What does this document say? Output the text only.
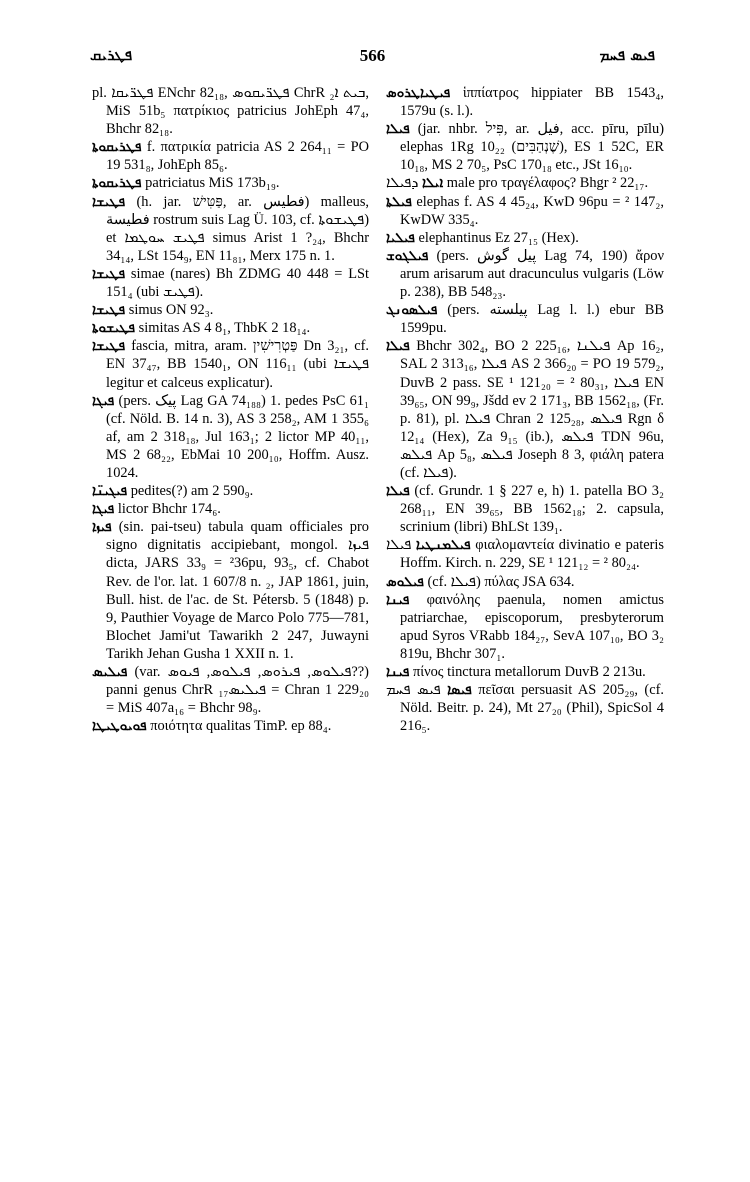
ܦܛܪܝܩ	566	ܦܝܣ ܦܚܡ

pl. ܦܛܪ̈ܝܩܐ ENchr 82₁₈, ܦܛܪ̈ܝܩܘܣ ChrR ܒܝܬ ܐ₂, MiS 51b₅ πατρίκιος patricius JohEph 47₄, Bhchr 82₁₈.

ܦܛܪܝܩܘܬܐ f. πατρικία patricia AS 2 264₁₁ = PO 19 531₈, JohEph 85₆.

ܦܛܪܝܩܘܬܐ patriciatus MiS 173b₁₉.

ܦܛܝܫܐ (h. jar. פַּטִּישׁ, ar. فطيس) malleus, فطيسة rostrum suis Lag Ü. 103, cf. ܦܛܝܫܘܬܐ) et ܦܛܝܫ ܚܘܛܡܐ simus Arist 1 ?₂₄, Bhchr 34₁₄, LSt 154₉, EN 11₈₁, Merx 175 n. 1.

ܦܛܝܫܐ simae (nares) Bh ZDMG 40 448 = LSt 151₄ (ubi ܦܛܝܫ).

ܦܛܝܫܐ simus ON 92₃.

ܦܛܝܫܘܬܐ simitas AS 4 8₁, ThbK 2 18₁₄.

ܦܛܝܫܐ fascia, mitra, aram. פַּטְרִישִׁין Dn 3₂₁, cf. EN 37₄₇, BB 1540₁, ON 116₁₁ (ubi ܦܛܝܫܐ legitur et calceus explicatur).

ܦܝܓܐ (pers. پیک Lag GA 74₁₈₈) 1. pedes PsC 61₁ (cf. Nöld. B. 14 n. 3), AS 3 258₂, AM 1 355₆ af, am 2 318₁₈, Jul 163₁; 2 lictor MP 40₁₁, MS 2 68₂₂, EbMai 10 200₁₀, Hoffm. Ausz. 1024.

ܦܝܓܝܢ̈ܐ pedites(?) am 2 590₉.

ܦܝܓܐ lictor Bhchr 174₆.

ܦܝܙܐ (sin. pai-tseu) tabula quam officiales pro signo dignitatis accipiebant, mongol. ܦܝܙܐ dicta, JARS 33₉ = ²36pu, 93₅, cf. Chabot Rev. de l'or. lat. 1 607/8 n. ₂, JAP 1861, juin, Bull. hist. de l'ac. de St. Pétersb. 5 (1848) p. 9, Pauthier Voyage de Marco Polo 775—781, Blochet Jami'ut Tawarikh 2 247, Juwayni Tarikh Jehan Gusha 1 XXII n. 1.

ܦܝܠܝܣ (var. ܦܝܠܘܣ, ܦܝܪܘܣ, ܦܝܠܘܣ, ܦܝܘܣ??) panni genus ChrR ܦܝܠܝܣ₁₇ = Chran 1 229₂₀ = MiS 407a₁₆ = Bhchr 98₉.

ܦܘܝܘܛܝܛܐ ποιότητα qualitas TimP. ep 88₄.

ܦܝܛܝܐܛܪܘܣ ἱππίατρος hippiater BB 1543₄, 1579u (s. l.).

ܦܝܠܐ (jar. nhbr. פִּיל, ar. فيل, acc. pīru, pīlu) elephas 1Rg 10₂₂ (שֶׁנְהַבִּים), ES 1 52C, ER 10₁₈, MS 2 70₅, PsC 170₁₈ etc., JSt 16₁₀.

ܐܝܠܐ ܕܦܝܠܐ male pro τραγέλαφος? Bhgr ² 22₁₇.

ܦܝܠܬܐ elephas f. AS 4 45₂₄, KwD 96pu = ² 147₂, KwDW 335₄.

ܦܝܠܝܐ elephantinus Ez 27₁₅ (Hex).

ܦܝܠܓܘܫ (pers. پیل گوش Lag 74, 190) ἄρον arum arisarum aut dracunculus vulgaris (Löw p. 238), BB 548₂₃.

ܦܝܠܣܘܢܓ (pers. پیلسته Lag l. l.) ebur BB 1599pu.

ܦܝܠܐ Bhchr 302₄, BO 2 225₁₆, ܦܝܠܢܐ Ap 16₂, SAL 2 313₁₆, ܦܝܠܐ AS 2 366₂₀ = PO 19 579₂, DuvB 2 pass. SE ¹ 121₂₀ = ² 80₃₁, ܦܝܠܐ EN 39₆₅, ON 99₉, Jšdd ev 2 171₃, BB 1562₁₈, (Fr. p. 81), pl. ܦܝܠܐ Chran 2 125₂₈, ܦܝܠܣ Rgn δ 12₁₄ (Hex), Za 9₁₅ (ib.), ܦܝܠܣ TDN 96u, ܦܝܠܣ Ap 5₈, ܦܝܠܣ Joseph 8 3, φιάλη patera (cf. ܦܝܠܐ).

ܦܝܠܐ (cf. Grundr. 1 § 227 e, h) 1. patella BO 3₂ 268₁₁, EN 39₆₅, BB 1562₁₈; 2. capsula, scrinium (libri) BhLSt 139₁.

ܦܝܠܡܢܛܝܐ ܦܝܠܐ φιαλομαντεία divinatio e pateris Hoffm. Kirch. n. 229, SE ¹ 121₁₂ = ² 80₂₄.

ܦܝܠܘܣ (cf. ܦܝܠܐ) πύλας JSA 634.

ܦܝܢܐ φαινόλης paenula, nomen amictus patriarchae, episcoporum, presbyterorum apud Syros VRabb 184₂₇, SevA 107₁₀, BO 3₂ 819u, Bhchr 307₁.

ܦܝܢܐ πίνος tinctura metallorum DuvB 2 213u.

ܦܝܣܐ ܦܝܣ ܦܚܡ πεῖσαι persuasit AS 205₂₉, (cf. Nöld. Beitr. p. 24), Mt 27₂₀ (Phil), SpicSol 4 216₅.
